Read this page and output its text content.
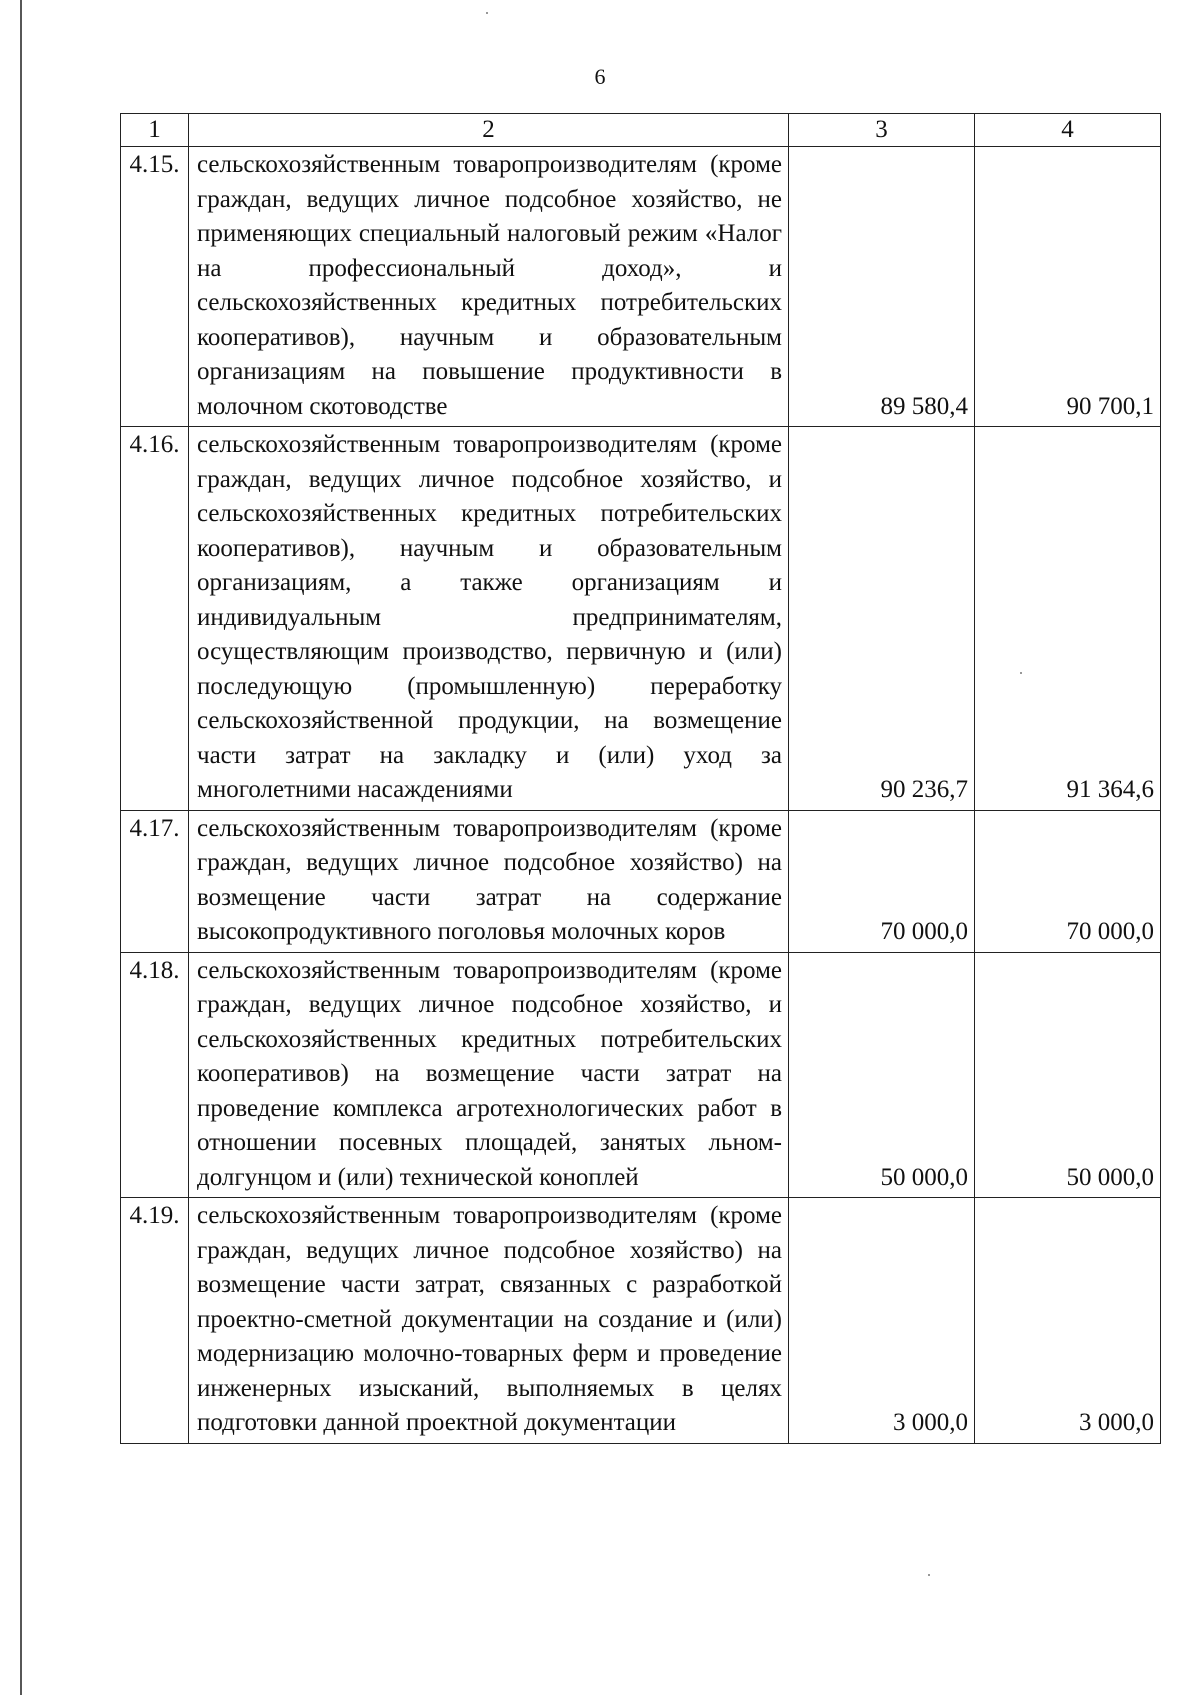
6
1	2	3	4
4.15.	сельскохозяйственным товаропроизводителям (кроме граждан, ведущих личное подсобное хозяйство, не применяющих специальный налоговый режим «Налог на профессиональный доход», и сельскохозяйственных кредитных потребительских кооперативов), научным и образовательным организациям на повышение продуктивности в молочном скотоводстве	89 580,4	90 700,1
4.16.	сельскохозяйственным товаропроизводителям (кроме граждан, ведущих личное подсобное хозяйство, и сельскохозяйственных кредитных потребительских кооперативов), научным и образовательным организациям, а также организациям и индивидуальным предпринимателям, осуществляющим производство, первичную и (или) последующую (промышленную) переработку сельскохозяйственной продукции, на возмещение части затрат на закладку и (или) уход за многолетними насаждениями	90 236,7	91 364,6
4.17.	сельскохозяйственным товаропроизводителям (кроме граждан, ведущих личное подсобное хозяйство) на возмещение части затрат на содержание высокопродуктивного поголовья молочных коров	70 000,0	70 000,0
4.18.	сельскохозяйственным товаропроизводителям (кроме граждан, ведущих личное подсобное хозяйство, и сельскохозяйственных кредитных потребительских кооперативов) на возмещение части затрат на проведение комплекса агротехнологических работ в отношении посевных площадей, занятых льном-долгунцом и (или) технической коноплей	50 000,0	50 000,0
4.19.	сельскохозяйственным товаропроизводителям (кроме граждан, ведущих личное подсобное хозяйство) на возмещение части затрат, связанных с разработкой проектно-сметной документации на создание и (или) модернизацию молочно-товарных ферм и проведение инженерных изысканий, выполняемых в целях подготовки данной проектной документации	3 000,0	3 000,0
